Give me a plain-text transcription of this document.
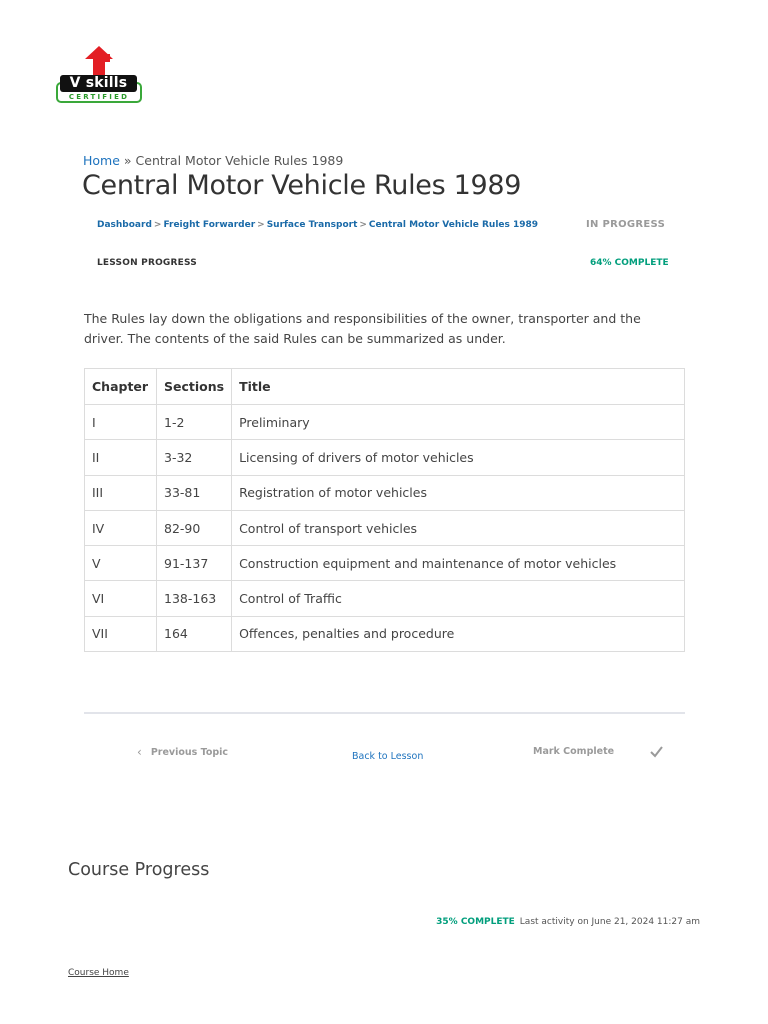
V skills
CERTIFIED
Home » Central Motor Vehicle Rules 1989
Central Motor Vehicle Rules 1989
Dashboard > Freight Forwarder > Surface Transport > Central Motor Vehicle Rules 1989	IN PROGRESS
LESSON PROGRESS	64% COMPLETE

The Rules lay down the obligations and responsibilities of the owner, transporter and the driver. The contents of the said Rules can be summarized as under.

Chapter	Sections	Title
I	1-2	Preliminary
II	3-32	Licensing of drivers of motor vehicles
III	33-81	Registration of motor vehicles
IV	82-90	Control of transport vehicles
V	91-137	Construction equipment and maintenance of motor vehicles
VI	138-163	Control of Traffic
VII	164	Offences, penalties and procedure
‹ Previous Topic	Back to Lesson	Mark Complete
Course Progress
35% COMPLETE Last activity on June 21, 2024 11:27 am
Course Home
